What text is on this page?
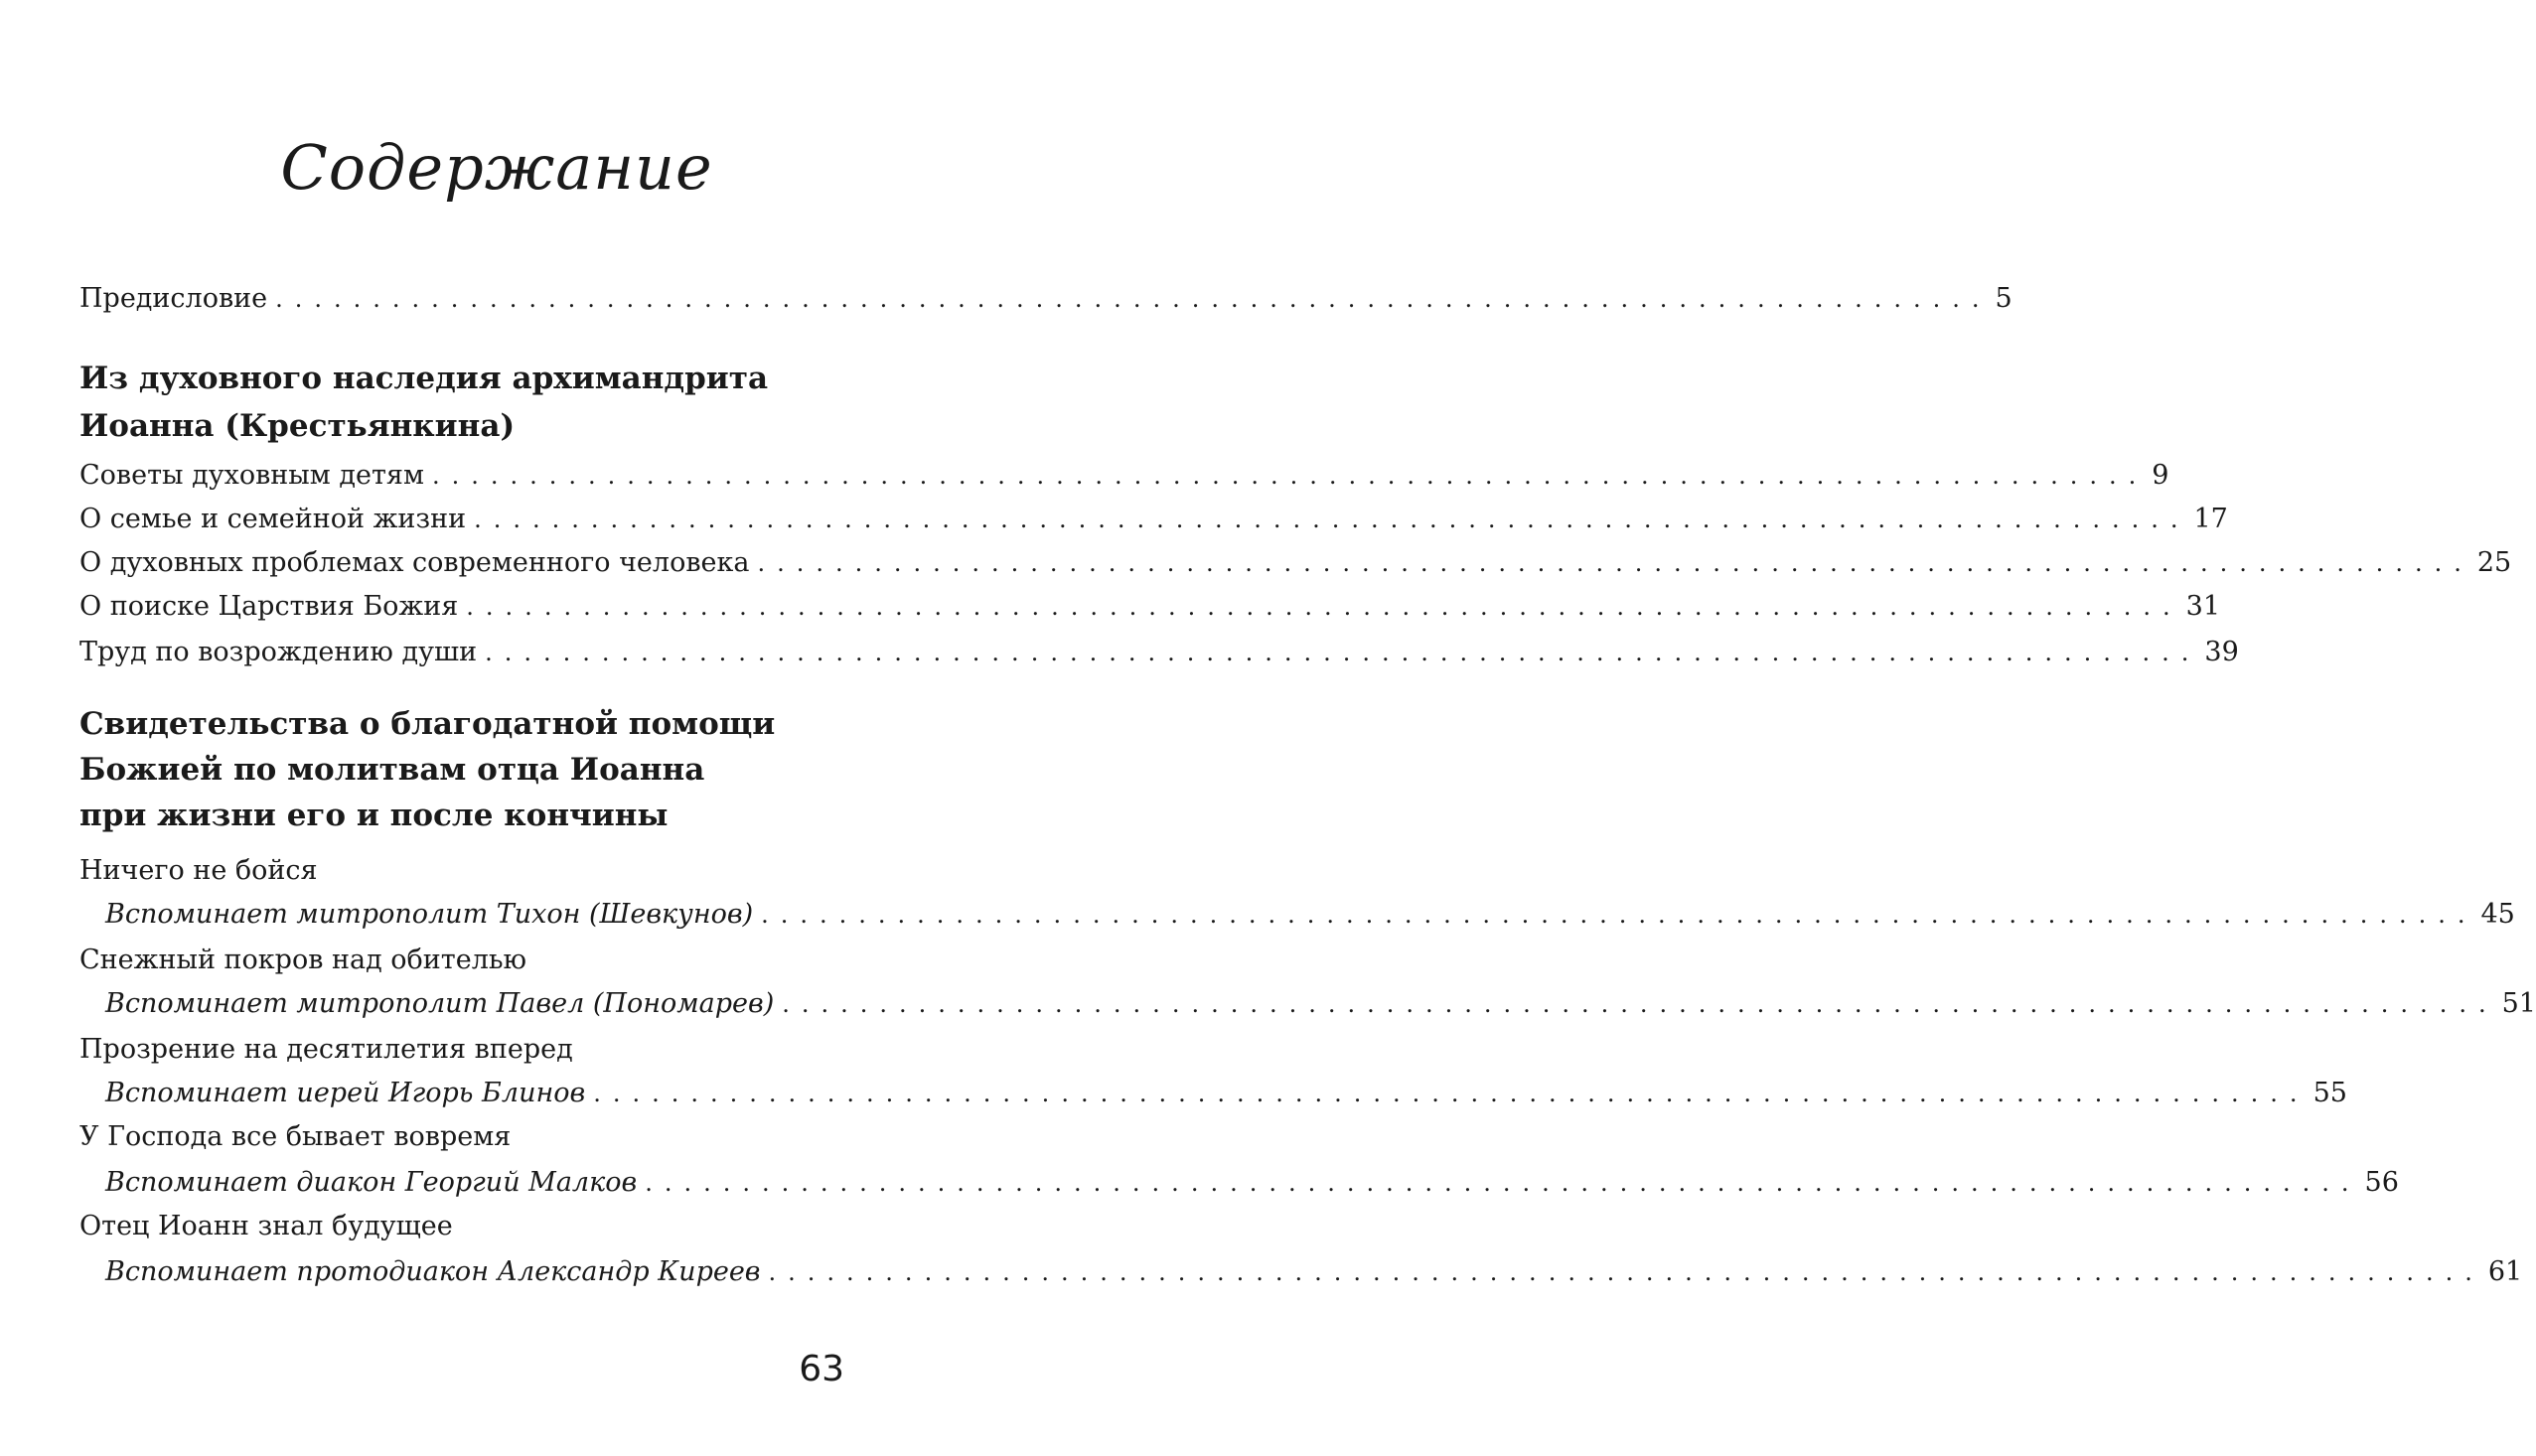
Содержание
Предисловие ........................................................................................ 5
Из духовного наследия архимандрита
Иоанна (Крестьянкина)
Советы духовным детям ........................................................................................ 9
О семье и семейной жизни ........................................................................................ 17
О духовных проблемах современного человека ........................................................................................ 25
О поиске Царствия Божия ........................................................................................ 31
Труд по возрождению души ........................................................................................ 39
Свидетельства о благодатной помощи
Божией по молитвам отца Иоанна
при жизни его и после кончины
Ничего не бойся
Вспоминает митрополит Тихон (Шевкунов) ........................................................................................ 45
Снежный покров над обителью
Вспоминает митрополит Павел (Пономарев) ........................................................................................ 51
Прозрение на десятилетия вперед
Вспоминает иерей Игорь Блинов ........................................................................................ 55
У Господа все бывает вовремя
Вспоминает диакон Георгий Малков ........................................................................................ 56
Отец Иоанн знал будущее
Вспоминает протодиакон Александр Киреев ........................................................................................ 61
63
